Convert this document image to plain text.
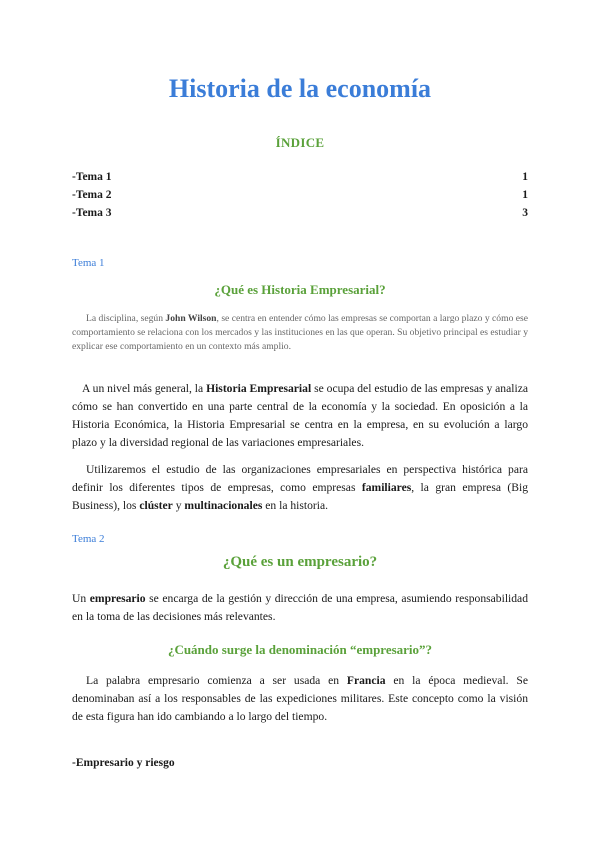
Historia de la economía
ÍNDICE
-Tema 1	1
-Tema 2	1
-Tema 3	3
Tema 1
¿Qué es Historia Empresarial?

La disciplina, según John Wilson, se centra en entender cómo las empresas se comportan a largo plazo y cómo ese comportamiento se relaciona con los mercados y las instituciones en las que operan. Su objetivo principal es estudiar y explicar ese comportamiento en un contexto más amplio.

A un nivel más general, la Historia Empresarial se ocupa del estudio de las empresas y analiza cómo se han convertido en una parte central de la economía y la sociedad. En oposición a la Historia Económica, la Historia Empresarial se centra en la empresa, en su evolución a largo plazo y la diversidad regional de las variaciones empresariales.

Utilizaremos el estudio de las organizaciones empresariales en perspectiva histórica para definir los diferentes tipos de empresas, como empresas familiares, la gran empresa (Big Business), los clúster y multinacionales en la historia.

Tema 2
¿Qué es un empresario?

Un empresario se encarga de la gestión y dirección de una empresa, asumiendo responsabilidad en la toma de las decisiones más relevantes.

¿Cuándo surge la denominación “empresario”?

La palabra empresario comienza a ser usada en Francia en la época medieval. Se denominaban así a los responsables de las expediciones militares. Este concepto como la visión de esta figura han ido cambiando a lo largo del tiempo.

-Empresario y riesgo
